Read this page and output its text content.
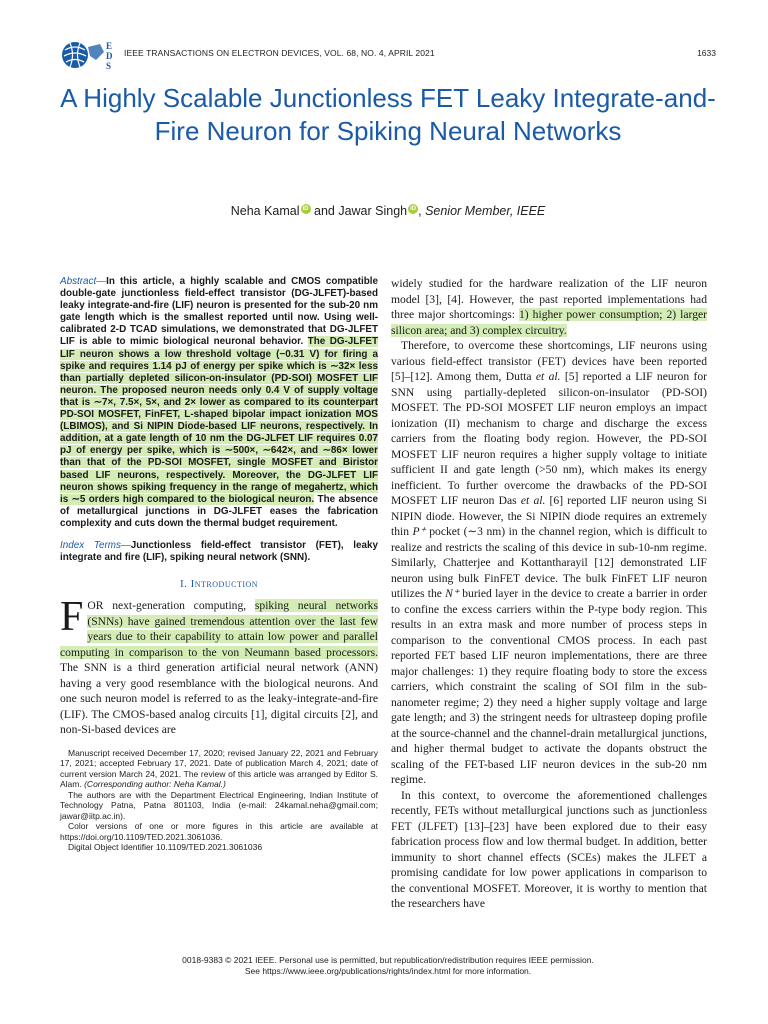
E
D
S
IEEE TRANSACTIONS ON ELECTRON DEVICES, VOL. 68, NO. 4, APRIL 2021	1633
A Highly Scalable Junctionless FET Leaky Integrate-and-Fire Neuron for Spiking Neural Networks
Neha Kamal iD and Jawar Singh iD , Senior Member, IEEE
Abstract—In this article, a highly scalable and CMOS compatible double-gate junctionless field-effect transistor (DG-JLFET)-based leaky integrate-and-fire (LIF) neuron is presented for the sub-20 nm gate length which is the smallest reported until now. Using well-calibrated 2-D TCAD simulations, we demonstrated that DG-JLFET LIF is able to mimic biological neuronal behavior. The DG-JLFET LIF neuron shows a low threshold voltage (−0.31 V) for firing a spike and requires 1.14 pJ of energy per spike which is ∼32× less than partially depleted silicon-on-insulator (PD-SOI) MOSFET LIF neuron. The proposed neuron needs only 0.4 V of supply voltage that is ∼7×, 7.5×, 5×, and 2× lower as compared to its counterpart PD-SOI MOSFET, FinFET, L-shaped bipolar impact ionization MOS (LBIMOS), and Si NIPIN Diode-based LIF neurons, respectively. In addition, at a gate length of 10 nm the DG-JLFET LIF requires 0.07 pJ of energy per spike, which is ∼500×, ∼642×, and ∼86× lower than that of the PD-SOI MOSFET, single MOSFET and Biristor based LIF neurons, respectively. Moreover, the DG-JLFET LIF neuron shows spiking frequency in the range of megahertz, which is ∼5 orders high compared to the biological neuron. The absence of metallurgical junctions in DG-JLFET eases the fabrication complexity and cuts down the thermal budget requirement.
Index Terms—Junctionless field-effect transistor (FET), leaky integrate and fire (LIF), spiking neural network (SNN).
I. Introduction
FOR next-generation computing, spiking neural networks (SNNs) have gained tremendous attention over the last few years due to their capability to attain low power and parallel computing in comparison to the von Neumann based processors. The SNN is a third generation artificial neural network (ANN) having a very good resemblance with the biological neurons. And one such neuron model is referred to as the leaky-integrate-and-fire (LIF). The CMOS-based analog circuits [1], digital circuits [2], and non-Si-based devices are

Manuscript received December 17, 2020; revised January 22, 2021 and February 17, 2021; accepted February 17, 2021. Date of publication March 4, 2021; date of current version March 24, 2021. The review of this article was arranged by Editor S. Alam. (Corresponding author: Neha Kamal.)

The authors are with the Department Electrical Engineering, Indian Institute of Technology Patna, Patna 801103, India (e-mail: 24kamal.neha@gmail.com; jawar@iitp.ac.in).

Color versions of one or more figures in this article are available at https://doi.org/10.1109/TED.2021.3061036.

Digital Object Identifier 10.1109/TED.2021.3061036

widely studied for the hardware realization of the LIF neuron model [3], [4]. However, the past reported implementations had three major shortcomings: 1) higher power consumption; 2) larger silicon area; and 3) complex circuitry.
Therefore, to overcome these shortcomings, LIF neurons using various field-effect transistor (FET) devices have been reported [5]–[12]. Among them, Dutta et al. [5] reported a LIF neuron for SNN using partially-depleted silicon-on-insulator (PD-SOI) MOSFET. The PD-SOI MOSFET LIF neuron employs an impact ionization (II) mechanism to charge and discharge the excess carriers from the floating body region. However, the PD-SOI MOSFET LIF neuron requires a higher supply voltage to initiate sufficient II and gate length (>50 nm), which makes its energy inefficient. To further overcome the drawbacks of the PD-SOI MOSFET LIF neuron Das et al. [6] reported LIF neuron using Si NIPIN diode. However, the Si NIPIN diode requires an extremely thin P⁺ pocket (∼3 nm) in the channel region, which is difficult to realize and restricts the scaling of this device in sub-10-nm regime. Similarly, Chatterjee and Kottantharayil [12] demonstrated LIF neuron using bulk FinFET device. The bulk FinFET LIF neuron utilizes the N⁺ buried layer in the device to create a barrier in order to confine the excess carriers within the P-type body region. This results in an extra mask and more number of process steps in comparison to the conventional CMOS process. In each past reported FET based LIF neuron implementations, there are three major challenges: 1) they require floating body to store the excess carriers, which constraint the scaling of SOI film in the sub-nanometer regime; 2) they need a higher supply voltage and large gate length; and 3) the stringent needs for ultrasteep doping profile at the source-channel and the channel-drain metallurgical junctions, and higher thermal budget to activate the dopants obstruct the scaling of the FET-based LIF neuron devices in the sub-20 nm regime.
In this context, to overcome the aforementioned challenges recently, FETs without metallurgical junctions such as junctionless FET (JLFET) [13]–[23] have been explored due to their easy fabrication process flow and low thermal budget. In addition, better immunity to short channel effects (SCEs) makes the JLFET a promising candidate for low power applications in comparison to the conventional MOSFET. Moreover, it is worthy to mention that the researchers have
0018-9383 © 2021 IEEE. Personal use is permitted, but republication/redistribution requires IEEE permission.
See https://www.ieee.org/publications/rights/index.html for more information.
